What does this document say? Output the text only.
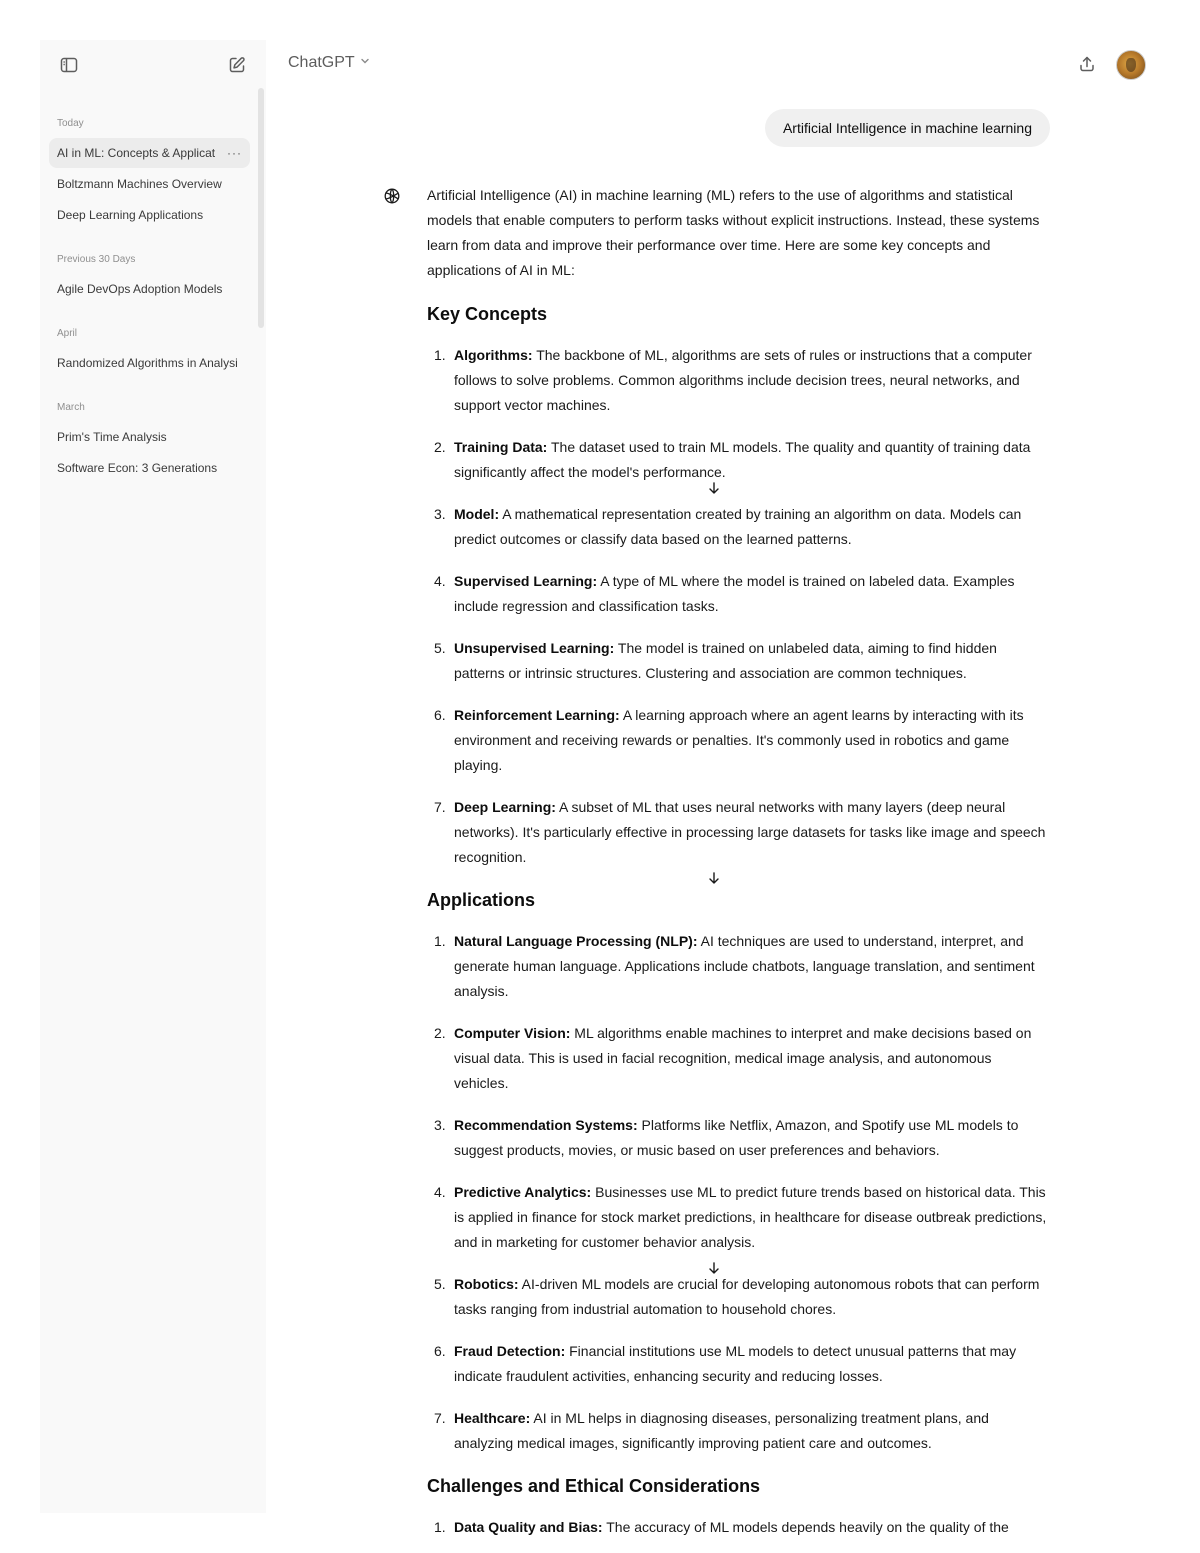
Today
AI in ML: Concepts & Applicat ···
Boltzmann Machines Overview
Deep Learning Applications
Previous 30 Days
Agile DevOps Adoption Models
April
Randomized Algorithms in Analysi
March
Prim's Time Analysis
Software Econ: 3 Generations
ChatGPT
Artificial Intelligence in machine learning

Artificial Intelligence (AI) in machine learning (ML) refers to the use of algorithms and statistical models that enable computers to perform tasks without explicit instructions. Instead, these systems learn from data and improve their performance over time. Here are some key concepts and applications of AI in ML:

Key Concepts
1. Algorithms: The backbone of ML, algorithms are sets of rules or instructions that a computer follows to solve problems. Common algorithms include decision trees, neural networks, and support vector machines.
2. Training Data: The dataset used to train ML models. The quality and quantity of training data significantly affect the model's performance.
3. Model: A mathematical representation created by training an algorithm on data. Models can predict outcomes or classify data based on the learned patterns.
4. Supervised Learning: A type of ML where the model is trained on labeled data. Examples include regression and classification tasks.
5. Unsupervised Learning: The model is trained on unlabeled data, aiming to find hidden patterns or intrinsic structures. Clustering and association are common techniques.
6. Reinforcement Learning: A learning approach where an agent learns by interacting with its environment and receiving rewards or penalties. It's commonly used in robotics and game playing.
7. Deep Learning: A subset of ML that uses neural networks with many layers (deep neural networks). It's particularly effective in processing large datasets for tasks like image and speech recognition.
Applications
1. Natural Language Processing (NLP): AI techniques are used to understand, interpret, and generate human language. Applications include chatbots, language translation, and sentiment analysis.
2. Computer Vision: ML algorithms enable machines to interpret and make decisions based on visual data. This is used in facial recognition, medical image analysis, and autonomous vehicles.
3. Recommendation Systems: Platforms like Netflix, Amazon, and Spotify use ML models to suggest products, movies, or music based on user preferences and behaviors.
4. Predictive Analytics: Businesses use ML to predict future trends based on historical data. This is applied in finance for stock market predictions, in healthcare for disease outbreak predictions, and in marketing for customer behavior analysis.
5. Robotics: AI-driven ML models are crucial for developing autonomous robots that can perform tasks ranging from industrial automation to household chores.
6. Fraud Detection: Financial institutions use ML models to detect unusual patterns that may indicate fraudulent activities, enhancing security and reducing losses.
7. Healthcare: AI in ML helps in diagnosing diseases, personalizing treatment plans, and analyzing medical images, significantly improving patient care and outcomes.
Challenges and Ethical Considerations
1. Data Quality and Bias: The accuracy of ML models depends heavily on the quality of the
